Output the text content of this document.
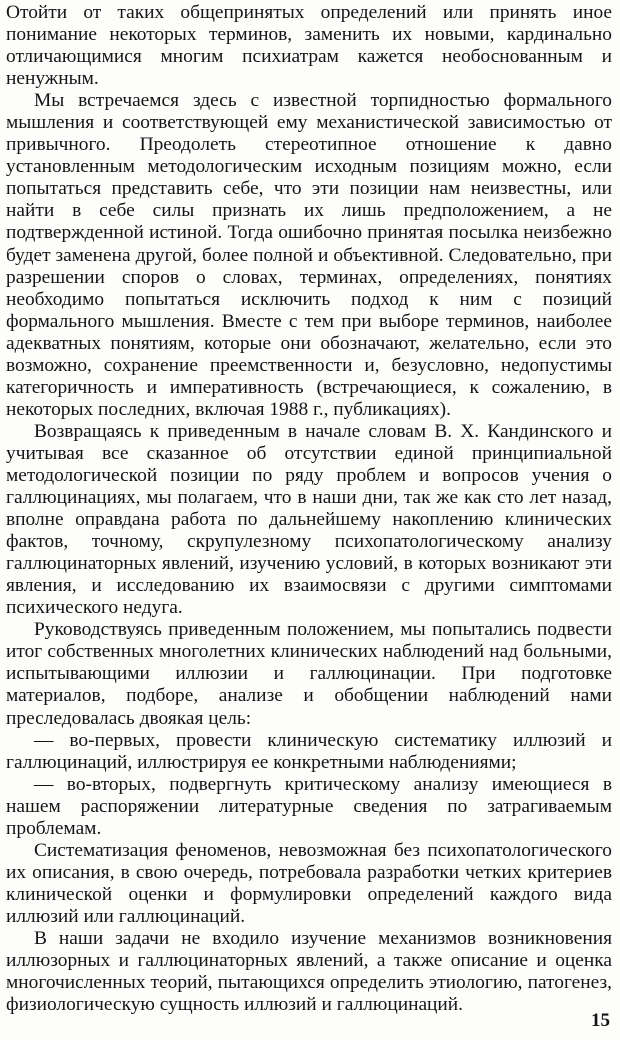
Отойти от таких общепринятых определений или принять иное понимание некоторых терминов, заменить их новыми, кардинально отличающимися многим психиатрам кажется необоснованным и ненужным.

Мы встречаемся здесь с известной торпидностью формального мышления и соответствующей ему механистической зависимостью от привычного. Преодолеть стереотипное отношение к давно установленным методологическим исходным позициям можно, если попытаться представить себе, что эти позиции нам неизвестны, или найти в себе силы признать их лишь предположением, а не подтвержденной истиной. Тогда ошибочно принятая посылка неизбежно будет заменена другой, более полной и объективной. Следовательно, при разрешении споров о словах, терминах, определениях, понятиях необходимо попытаться исключить подход к ним с позиций формального мышления. Вместе с тем при выборе терминов, наиболее адекватных понятиям, которые они обозначают, желательно, если это возможно, сохранение преемственности и, безусловно, недопустимы категоричность и императивность (встречающиеся, к сожалению, в некоторых последних, включая 1988 г., публикациях).

Возвращаясь к приведенным в начале словам В. Х. Кандинского и учитывая все сказанное об отсутствии единой принципиальной методологической позиции по ряду проблем и вопросов учения о галлюцинациях, мы полагаем, что в наши дни, так же как сто лет назад, вполне оправдана работа по дальнейшему накоплению клинических фактов, точному, скрупулезному психопатологическому анализу галлюцинаторных явлений, изучению условий, в которых возникают эти явления, и исследованию их взаимосвязи с другими симптомами психического недуга.

Руководствуясь приведенным положением, мы попытались подвести итог собственных многолетних клинических наблюдений над больными, испытывающими иллюзии и галлюцинации. При подготовке материалов, подборе, анализе и обобщении наблюдений нами преследовалась двоякая цель:

— во-первых, провести клиническую систематику иллюзий и галлюцинаций, иллюстрируя ее конкретными наблюдениями;

— во-вторых, подвергнуть критическому анализу имеющиеся в нашем распоряжении литературные сведения по затрагиваемым проблемам.

Систематизация феноменов, невозможная без психопатологического их описания, в свою очередь, потребовала разработки четких критериев клинической оценки и формулировки определений каждого вида иллюзий или галлюцинаций.

В наши задачи не входило изучение механизмов возникновения иллюзорных и галлюцинаторных явлений, а также описание и оценка многочисленных теорий, пытающихся определить этиологию, патогенез, физиологическую сущность иллюзий и галлюцинаций.

15
